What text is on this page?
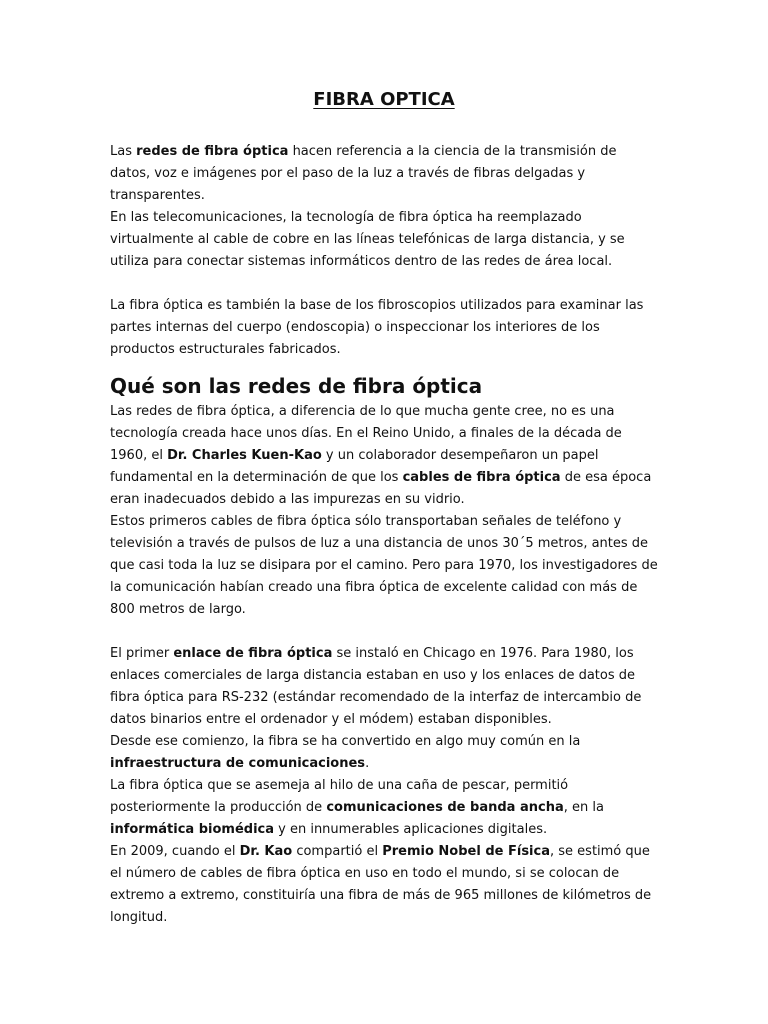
FIBRA OPTICA

Las redes de fibra óptica hacen referencia a la ciencia de la transmisión de datos, voz e imágenes por el paso de la luz a través de fibras delgadas y transparentes.

En las telecomunicaciones, la tecnología de fibra óptica ha reemplazado virtualmente al cable de cobre en las líneas telefónicas de larga distancia, y se utiliza para conectar sistemas informáticos dentro de las redes de área local.

La fibra óptica es también la base de los fibroscopios utilizados para examinar las partes internas del cuerpo (endoscopia) o inspeccionar los interiores de los productos estructurales fabricados.

Qué son las redes de fibra óptica

Las redes de fibra óptica, a diferencia de lo que mucha gente cree, no es una tecnología creada hace unos días. En el Reino Unido, a finales de la década de 1960, el Dr. Charles Kuen-Kao y un colaborador desempeñaron un papel fundamental en la determinación de que los cables de fibra óptica de esa época eran inadecuados debido a las impurezas en su vidrio.

Estos primeros cables de fibra óptica sólo transportaban señales de teléfono y televisión a través de pulsos de luz a una distancia de unos 30´5 metros, antes de que casi toda la luz se disipara por el camino. Pero para 1970, los investigadores de la comunicación habían creado una fibra óptica de excelente calidad con más de 800 metros de largo.

El primer enlace de fibra óptica se instaló en Chicago en 1976. Para 1980, los enlaces comerciales de larga distancia estaban en uso y los enlaces de datos de fibra óptica para RS-232 (estándar recomendado de la interfaz de intercambio de datos binarios entre el ordenador y el módem) estaban disponibles.

Desde ese comienzo, la fibra se ha convertido en algo muy común en la infraestructura de comunicaciones.

La fibra óptica que se asemeja al hilo de una caña de pescar, permitió posteriormente la producción de comunicaciones de banda ancha, en la informática biomédica y en innumerables aplicaciones digitales.

En 2009, cuando el Dr. Kao compartió el Premio Nobel de Física, se estimó que el número de cables de fibra óptica en uso en todo el mundo, si se colocan de extremo a extremo, constituiría una fibra de más de 965 millones de kilómetros de longitud.
